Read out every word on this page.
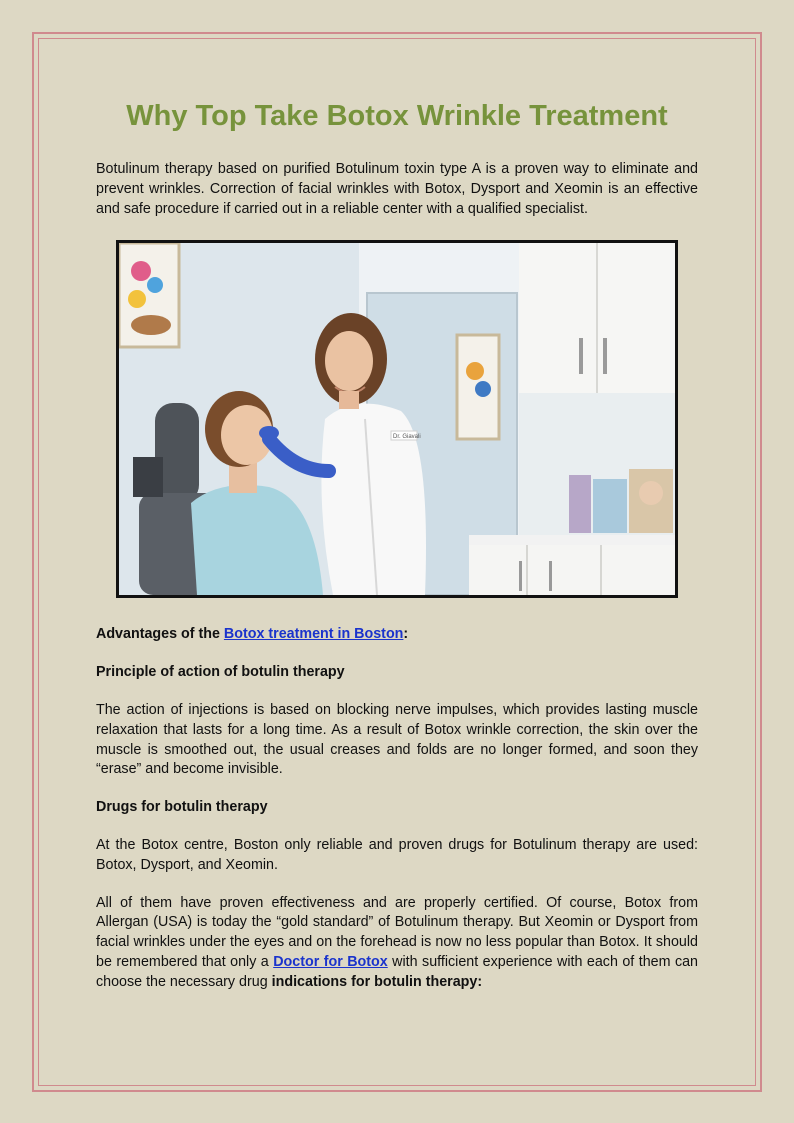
Why Top Take Botox Wrinkle Treatment

Botulinum therapy based on purified Botulinum toxin type A is a proven way to eliminate and prevent wrinkles. Correction of facial wrinkles with Botox, Dysport and Xeomin is an effective and safe procedure if carried out in a reliable center with a qualified specialist.

Dr. Giavali

Advantages of the Botox treatment in Boston:

Principle of action of botulin therapy

The action of injections is based on blocking nerve impulses, which provides lasting muscle relaxation that lasts for a long time. As a result of Botox wrinkle correction, the skin over the muscle is smoothed out, the usual creases and folds are no longer formed, and soon they “erase” and become invisible.

Drugs for botulin therapy

At the Botox centre, Boston only reliable and proven drugs for Botulinum therapy are used: Botox, Dysport, and Xeomin.

All of them have proven effectiveness and are properly certified. Of course, Botox from Allergan (USA) is today the “gold standard” of Botulinum therapy. But Xeomin or Dysport from facial wrinkles under the eyes and on the forehead is now no less popular than Botox. It should be remembered that only a Doctor for Botox with sufficient experience with each of them can choose the necessary drug indications for botulin therapy:
